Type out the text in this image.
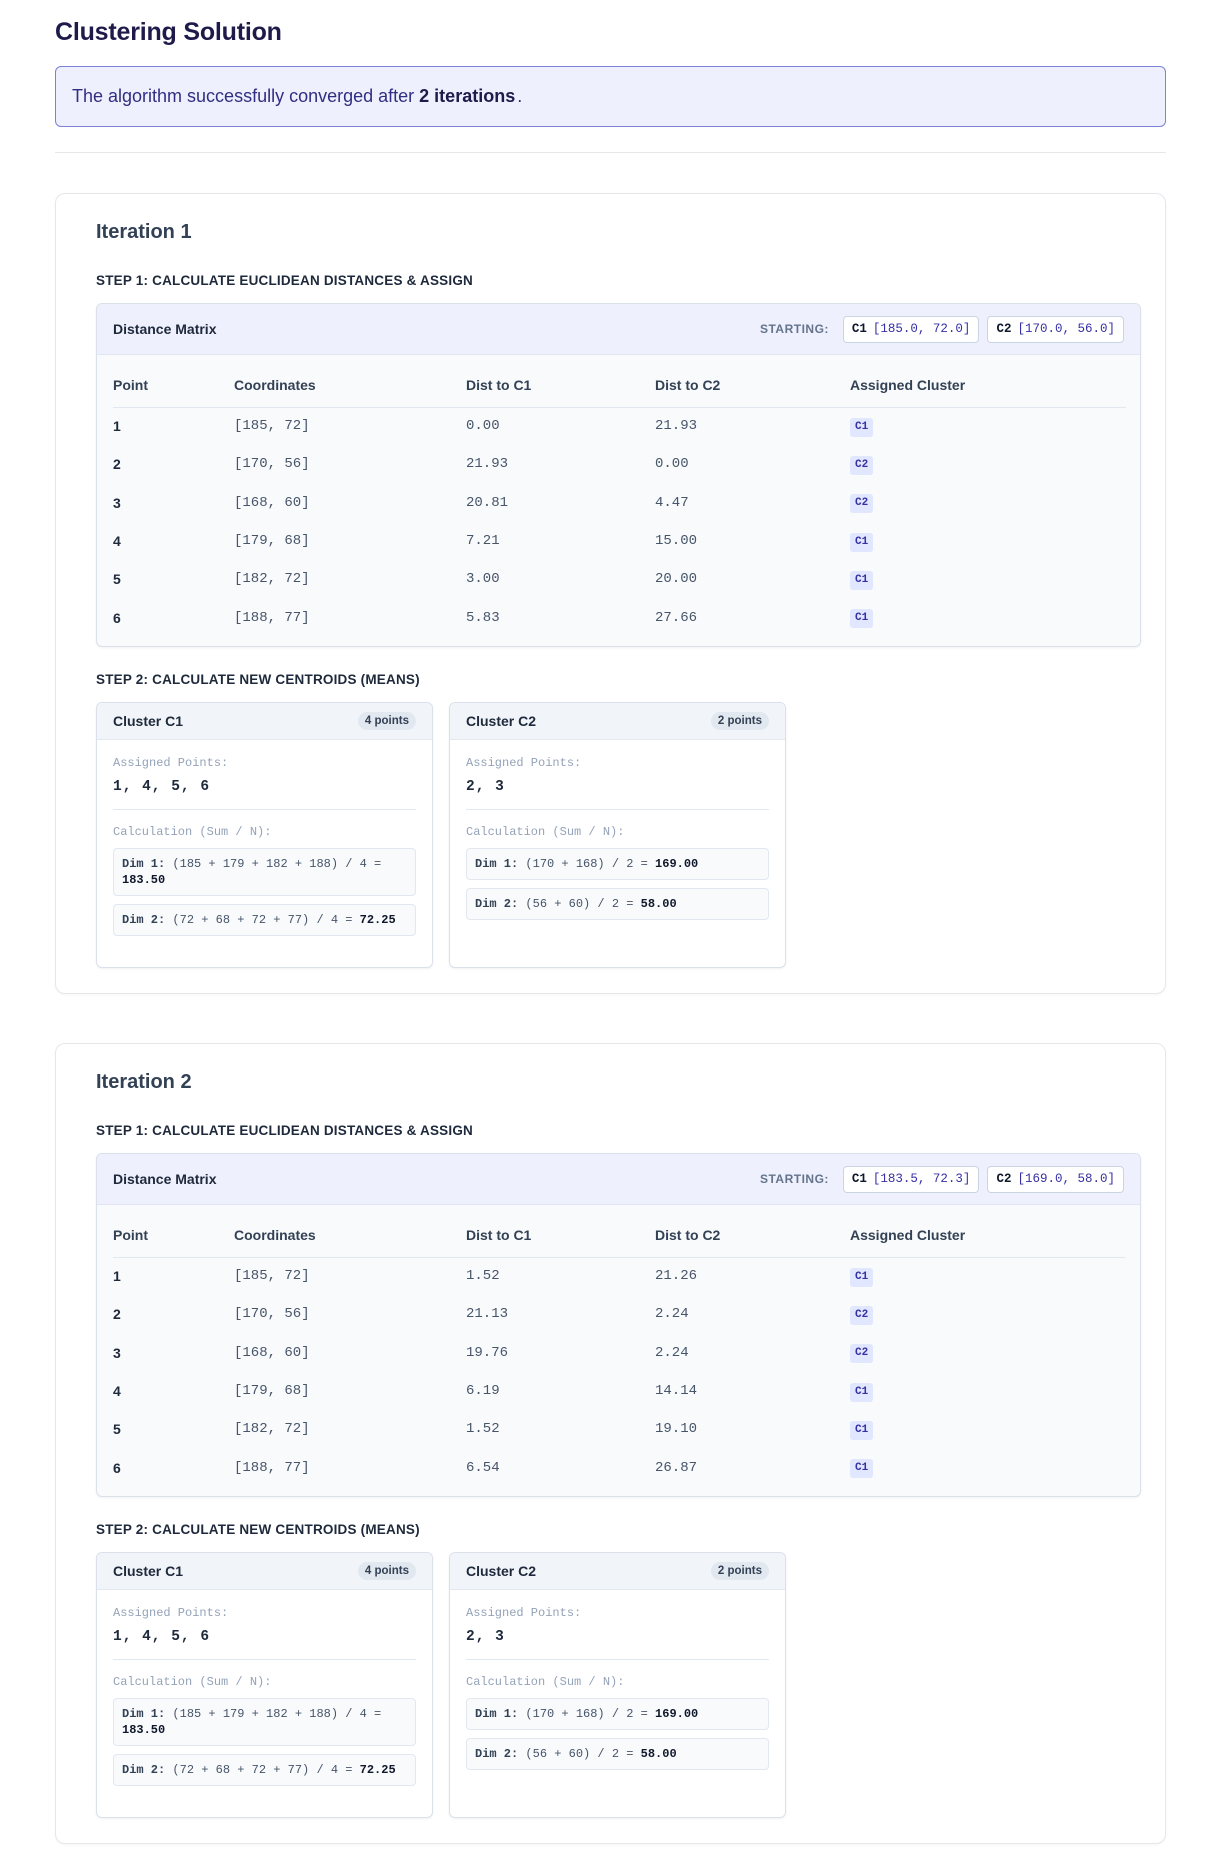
Clustering Solution
The algorithm successfully converged after 2 iterations .
Iteration 1
STEP 1: CALCULATE EUCLIDEAN DISTANCES & ASSIGN
Distance Matrix	STARTING: C1 [185.0, 72.0] C2 [170.0, 56.0]
Point	Coordinates	Dist to C1	Dist to C2	Assigned Cluster
1	[185, 72]	0.00	21.93	C1
2	[170, 56]	21.93	0.00	C2
3	[168, 60]	20.81	4.47	C2
4	[179, 68]	7.21	15.00	C1
5	[182, 72]	3.00	20.00	C1
6	[188, 77]	5.83	27.66	C1
STEP 2: CALCULATE NEW CENTROIDS (MEANS)
Cluster C1	4 points
Assigned Points:
1, 4, 5, 6
Calculation (Sum / N):
Dim 1: (185 + 179 + 182 + 188) / 4 = 183.50
Dim 2: (72 + 68 + 72 + 77) / 4 = 72.25
Cluster C2	2 points
Assigned Points:
2, 3
Calculation (Sum / N):
Dim 1: (170 + 168) / 2 = 169.00
Dim 2: (56 + 60) / 2 = 58.00
Iteration 2
STEP 1: CALCULATE EUCLIDEAN DISTANCES & ASSIGN
Distance Matrix	STARTING: C1 [183.5, 72.3] C2 [169.0, 58.0]
Point	Coordinates	Dist to C1	Dist to C2	Assigned Cluster
1	[185, 72]	1.52	21.26	C1
2	[170, 56]	21.13	2.24	C2
3	[168, 60]	19.76	2.24	C2
4	[179, 68]	6.19	14.14	C1
5	[182, 72]	1.52	19.10	C1
6	[188, 77]	6.54	26.87	C1
STEP 2: CALCULATE NEW CENTROIDS (MEANS)
Cluster C1	4 points
Assigned Points:
1, 4, 5, 6
Calculation (Sum / N):
Dim 1: (185 + 179 + 182 + 188) / 4 = 183.50
Dim 2: (72 + 68 + 72 + 77) / 4 = 72.25
Cluster C2	2 points
Assigned Points:
2, 3
Calculation (Sum / N):
Dim 1: (170 + 168) / 2 = 169.00
Dim 2: (56 + 60) / 2 = 58.00
